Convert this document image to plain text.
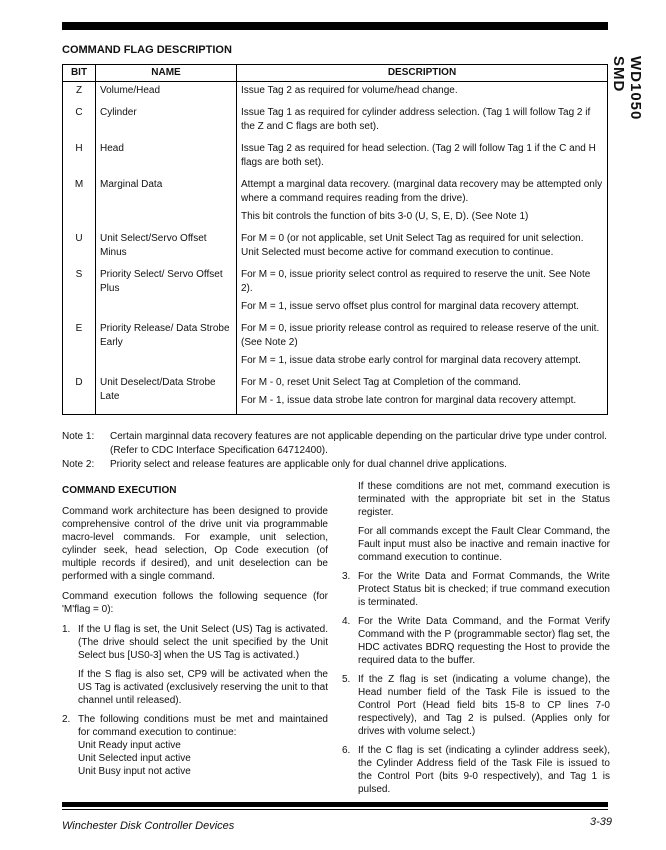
WD1050 SMD
COMMAND FLAG DESCRIPTION
BIT	NAME	DESCRIPTION
Z	Volume/Head	Issue Tag 2 as required for volume/head change.

C	Cylinder	Issue Tag 1 as required for cylinder address selection. (Tag 1 will follow Tag 2 if the Z and C flags are both set).

H	Head	Issue Tag 2 as required for head selection. (Tag 2 will follow Tag 1 if the C and H flags are both set).

M	Marginal Data	Attempt a marginal data recovery. (marginal data recovery may be attempted only where a command requires reading from the drive).

This bit controls the function of bits 3-0 (U, S, E, D). (See Note 1)

U	Unit Select/Servo Offset Minus	For M = 0 (or not applicable, set Unit Select Tag as required for unit selection. Unit Selected must become active for command execution to continue.

S	Priority Select/ Servo Offset Plus	For M = 0, issue priority select control as required to reserve the unit. See Note 2).

For M = 1, issue servo offset plus control for marginal data recovery attempt.

E	Priority Release/ Data Strobe Early	For M = 0, issue priority release control as required to release reserve of the unit. (See Note 2)

For M = 1, issue data strobe early control for marginal data recovery attempt.

D	Unit Deselect/Data Strobe Late	For M - 0, reset Unit Select Tag at Completion of the command.

For M - 1, issue data strobe late contron for marginal data recovery attempt.

Note 1:	Certain marginnal data recovery features are not applicable depending on the particular drive type under control. (Refer to CDC Interface Specification 64712400).
Note 2:	Priority select and release features are applicable only for dual channel drive applications.
COMMAND EXECUTION

Command work architecture has been designed to provide comprehensive control of the drive unit via programmable macro-level commands. For example, unit selection, cylinder seek, head selection, Op Code execution (of multiple records if desired), and unit deselection can be performed with a single command.

Command execution follows the following sequence (for 'M'flag = 0):

1. If the U flag is set, the Unit Select (US) Tag is activated. (The drive should select the unit specified by the Unit Select bus [US0-3] when the US Tag is activated.)
If the S flag is also set, CP9 will be activated when the US Tag is activated (exclusively reserving the unit to that channel until released).
2. The following conditions must be met and maintained for command execution to continue:
Unit Ready input active
Unit Selected input active
Unit Busy input not active

If these comditions are not met, command execution is terminated with the appropriate bit set in the Status register.

For all commands except the Fault Clear Command, the Fault input must also be inactive and remain inactive for command execution to continue.

3. For the Write Data and Format Commands, the Write Protect Status bit is checked; if true command execution is terminated.
4. For the Write Data Command, and the Format Verify Command with the P (programmable sector) flag set, the HDC activates BDRQ requesting the Host to provide the required data to the buffer.
5. If the Z flag is set (indicating a volume change), the Head number field of the Task File is issued to the Control Port (Head field bits 15-8 to CP lines 7-0 respectively), and Tag 2 is pulsed. (Applies only for drives with volume select.)
6. If the C flag is set (indicating a cylinder address seek), the Cylinder Address field of the Task File is issued to the Control Port (bits 9-0 respectively), and Tag 1 is pulsed.
Winchester Disk Controller Devices	3-39
